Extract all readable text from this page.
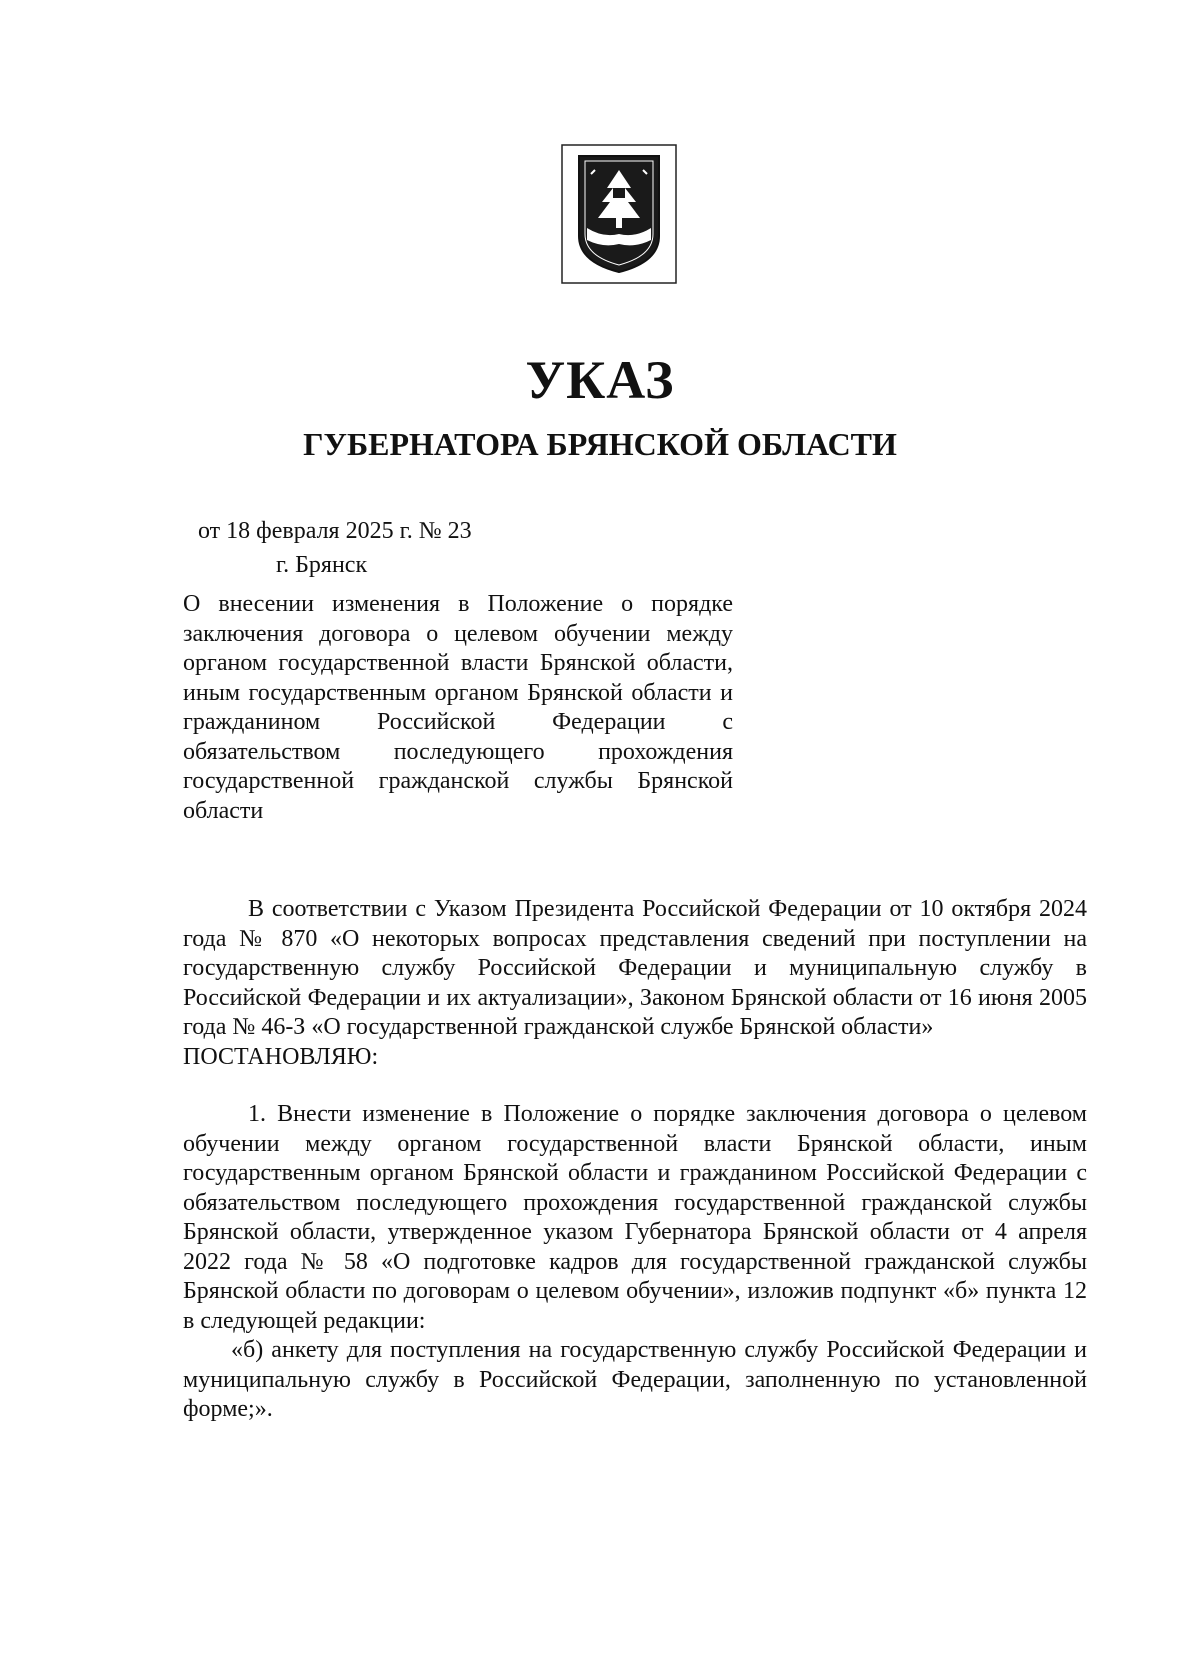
УКАЗ
ГУБЕРНАТОРА БРЯНСКОЙ ОБЛАСТИ

от 18 февраля 2025 г. № 23

г. Брянск

О внесении изменения в Положение о порядке заключения договора о целевом обучении между органом государственной власти Брянской области, иным государственным органом Брянской области и гражданином Российской Федерации с обязательством последующего прохождения государственной гражданской службы Брянской области

В соответствии с Указом Президента Российской Федерации от 10 октября 2024 года № 870 «О некоторых вопросах представления сведений при поступлении на государственную службу Российской Федерации и муниципальную службу в Российской Федерации и их актуализации», Законом Брянской области от 16 июня 2005 года № 46-З «О государственной гражданской службе Брянской области»

ПОСТАНОВЛЯЮ:

1. Внести изменение в Положение о порядке заключения договора о целевом обучении между органом государственной власти Брянской области, иным государственным органом Брянской области и гражданином Российской Федерации с обязательством последующего прохождения государственной гражданской службы Брянской области, утвержденное указом Губернатора Брянской области от 4 апреля 2022 года № 58 «О подготовке кадров для государственной гражданской службы Брянской области по договорам о целевом обучении», изложив подпункт «б» пункта 12 в следующей редакции:

«б) анкету для поступления на государственную службу Российской Федерации и муниципальную службу в Российской Федерации, заполненную по установленной форме;».
